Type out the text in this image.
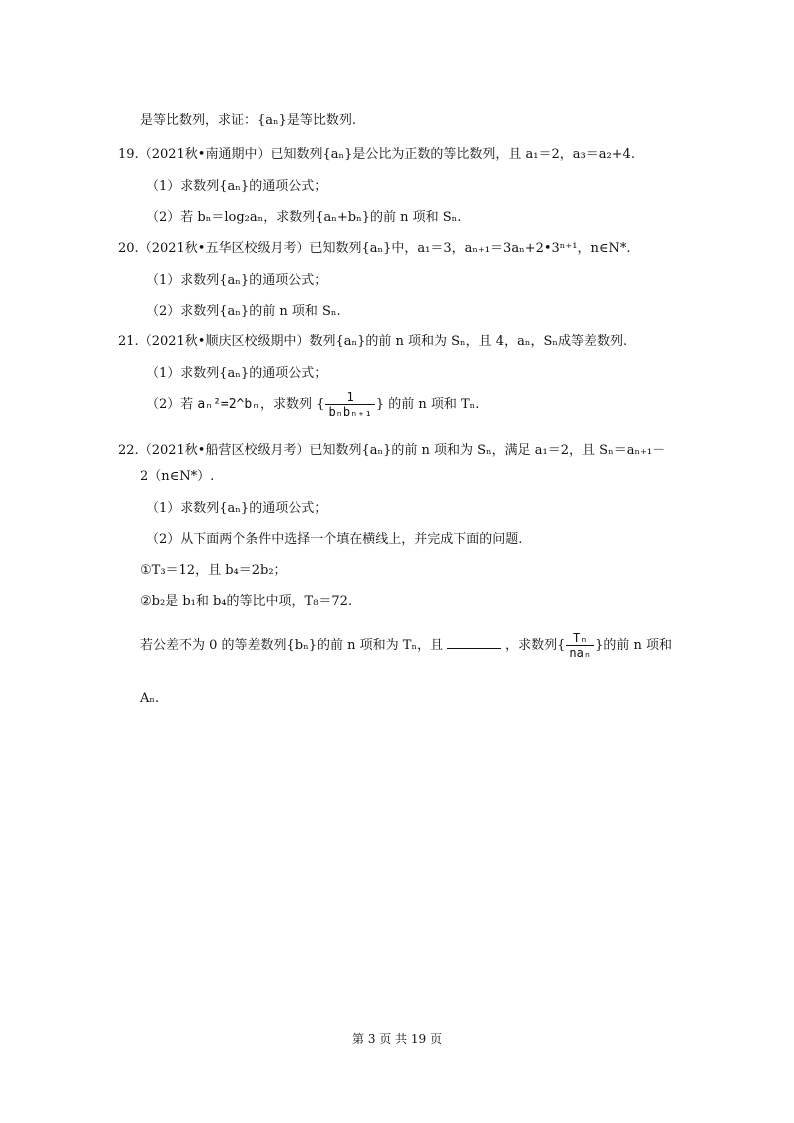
是等比数列，求证：{aₙ}是等比数列.
19.（2021秋•南通期中）已知数列{aₙ}是公比为正数的等比数列，且 a₁＝2，a₃＝a₂+4.
（1）求数列{aₙ}的通项公式；
（2）若 bₙ＝log₂aₙ，求数列{aₙ+bₙ}的前 n 项和 Sₙ.
20.（2021秋•五华区校级月考）已知数列{aₙ}中，a₁＝3，aₙ₊₁＝3aₙ+2•3ⁿ⁺¹，n∈N*.
（1）求数列{aₙ}的通项公式；
（2）求数列{aₙ}的前 n 项和 Sₙ.
21.（2021秋•顺庆区校级期中）数列{aₙ}的前 n 项和为 Sₙ，且 4，aₙ，Sₙ成等差数列.
（1）求数列{aₙ}的通项公式；
（2）若 aₙ²=2^bₙ，求数列 { $\frac{1}{\text{bₙbₙ₊₁}}$ } 的前 n 项和 Tₙ.
22.（2021秋•船营区校级月考）已知数列{aₙ}的前 n 项和为 Sₙ，满足 a₁＝2，且 Sₙ＝aₙ₊₁－
2（n∈N*）.
（1）求数列{aₙ}的通项公式；
（2）从下面两个条件中选择一个填在横线上，并完成下面的问题.
①T₃＝12，且 b₄＝2b₂；
②b₂是 b₁和 b₄的等比中项，T₈＝72.
若公差不为 0 的等差数列{bₙ}的前 n 项和为 Tₙ，且	，求数列{ $\frac{\text{Tₙ}}{\text{naₙ}}$ }的前 n 项和
Aₙ.
第 3 页 共 19 页
